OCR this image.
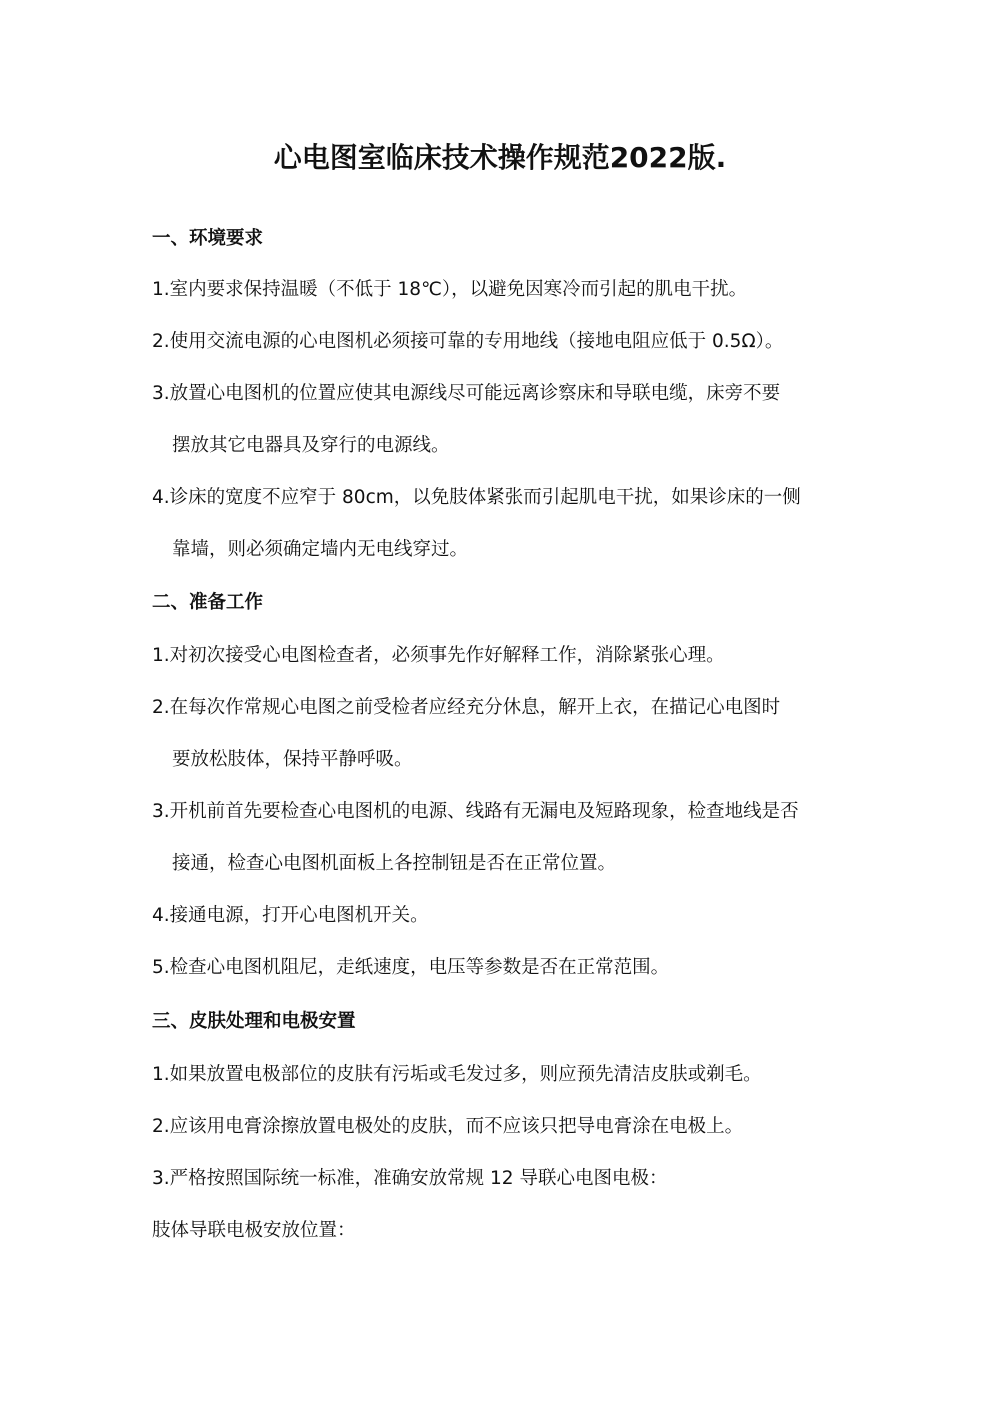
心电图室临床技术操作规范2022版.
一、环境要求
1.室内要求保持温暖（不低于 18℃），以避免因寒冷而引起的肌电干扰。
2.使用交流电源的心电图机必须接可靠的专用地线（接地电阻应低于 0.5Ω）。
3.放置心电图机的位置应使其电源线尽可能远离诊察床和导联电缆，床旁不要
摆放其它电器具及穿行的电源线。
4.诊床的宽度不应窄于 80cm，以免肢体紧张而引起肌电干扰，如果诊床的一侧
靠墙，则必须确定墙内无电线穿过。
二、准备工作
1.对初次接受心电图检查者，必须事先作好解释工作，消除紧张心理。
2.在每次作常规心电图之前受检者应经充分休息，解开上衣，在描记心电图时
要放松肢体，保持平静呼吸。
3.开机前首先要检查心电图机的电源、线路有无漏电及短路现象，检查地线是否
接通，检查心电图机面板上各控制钮是否在正常位置。
4.接通电源，打开心电图机开关。
5.检查心电图机阻尼，走纸速度，电压等参数是否在正常范围。
三、皮肤处理和电极安置
1.如果放置电极部位的皮肤有污垢或毛发过多，则应预先清洁皮肤或剃毛。
2.应该用电膏涂擦放置电极处的皮肤，而不应该只把导电膏涂在电极上。
3.严格按照国际统一标准，准确安放常规 12 导联心电图电极：
肢体导联电极安放位置：
